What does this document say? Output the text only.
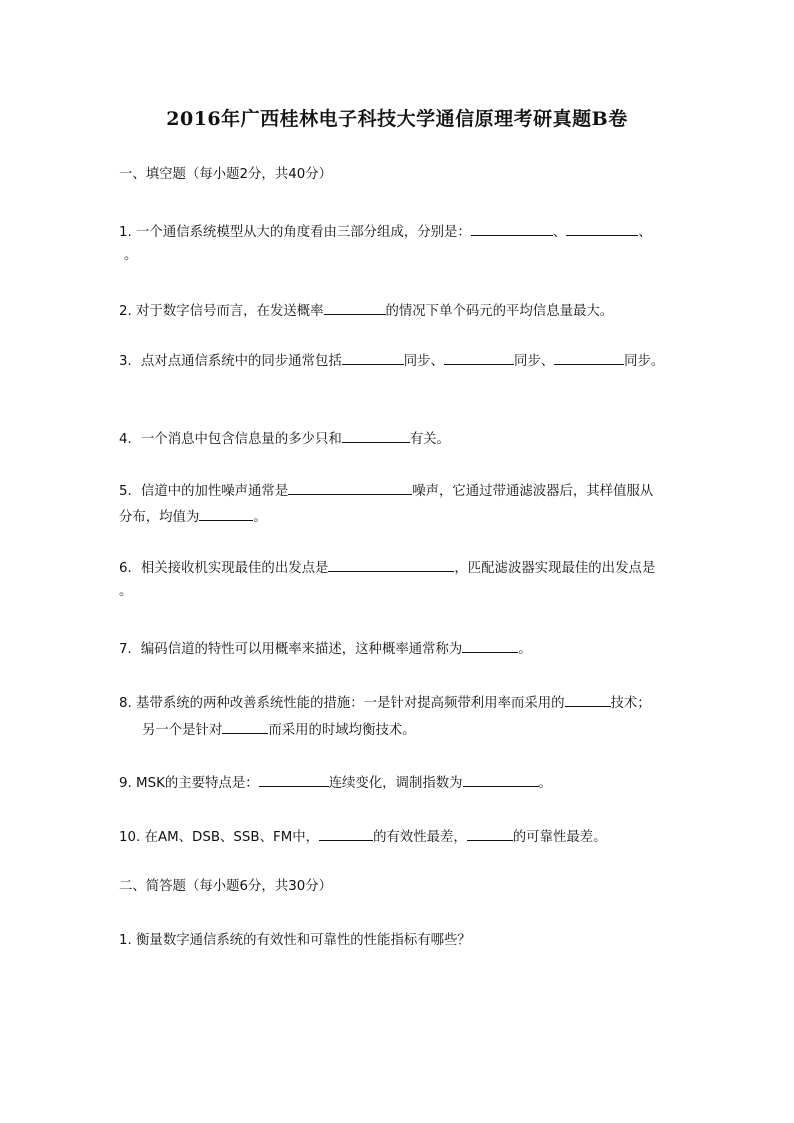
2016年广西桂林电子科技大学通信原理考研真题B卷
一、填空题（每小题2分，共40分）
1. 一个通信系统模型从大的角度看由三部分组成，分别是：	、	、
。
2. 对于数字信号而言，在发送概率	的情况下单个码元的平均信息量最大。
3．点对点通信系统中的同步通常包括	同步、	同步、	同步。
4．一个消息中包含信息量的多少只和	有关。
5．信道中的加性噪声通常是	噪声，它通过带通滤波器后，其样值服从
分布，均值为	。
6．相关接收机实现最佳的出发点是	，匹配滤波器实现最佳的出发点是
。
7．编码信道的特性可以用概率来描述，这种概率通常称为	。
8. 基带系统的两种改善系统性能的措施：一是针对提高频带利用率而采用的	技术；
另一个是针对	而采用的时域均衡技术。
9. MSK的主要特点是：	连续变化，调制指数为	。
10. 在AM、DSB、SSB、FM中，	的有效性最差，	的可靠性最差。
二、简答题（每小题6分，共30分）
1. 衡量数字通信系统的有效性和可靠性的性能指标有哪些？
